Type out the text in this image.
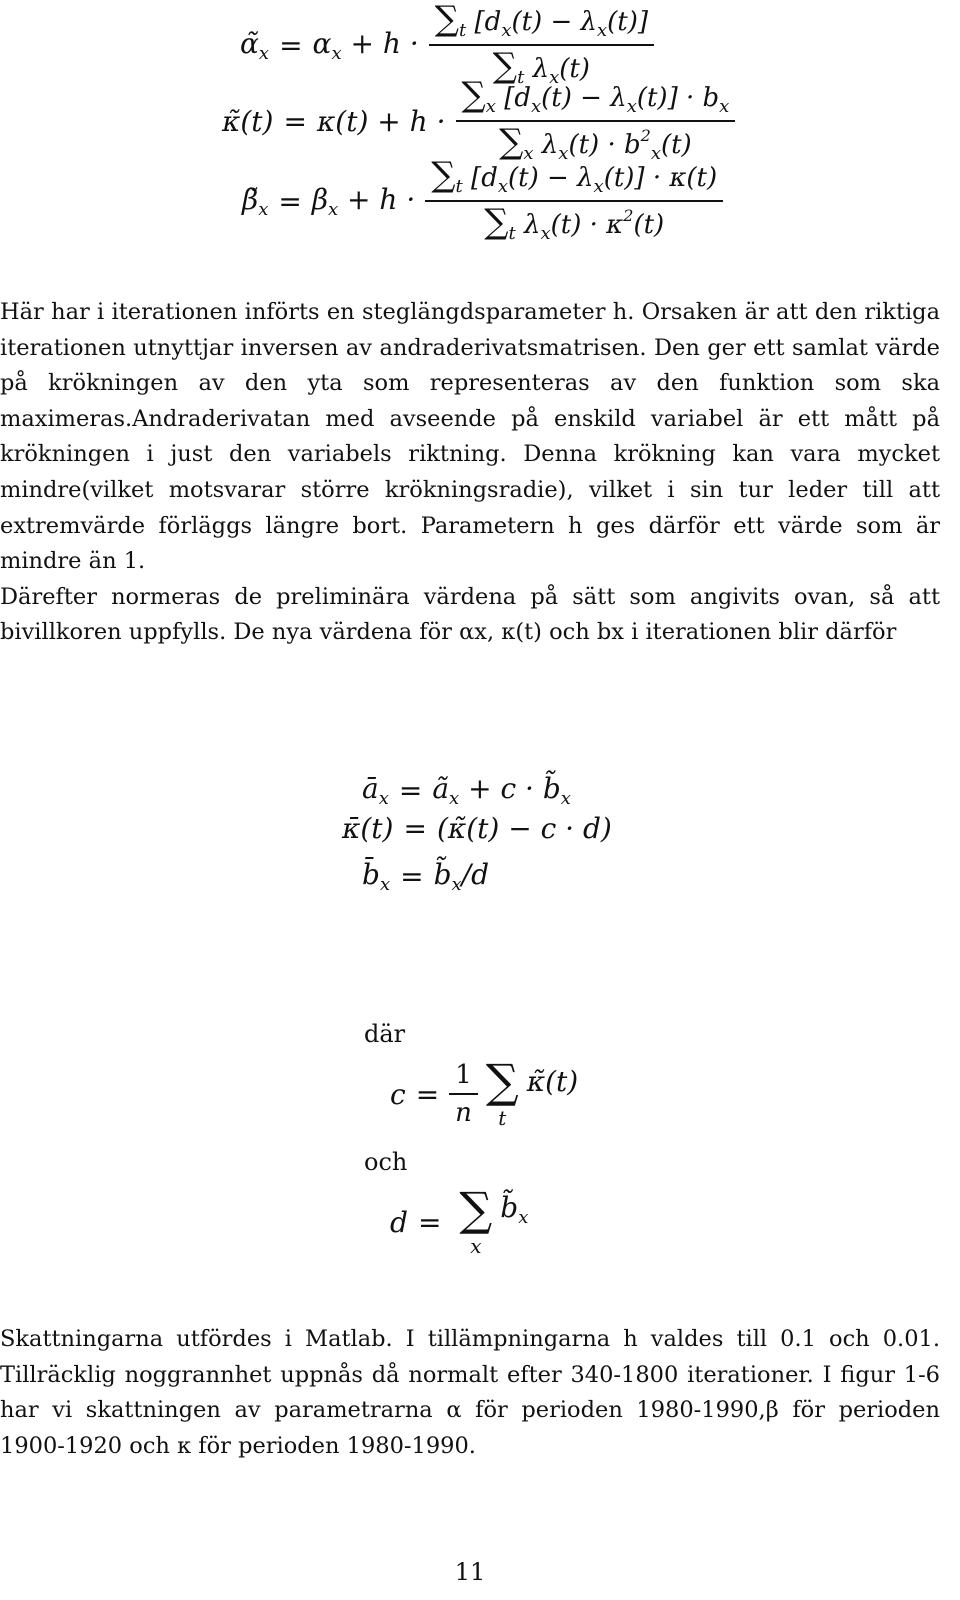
$\alphã_x = \alpha_x + h \cdot \frac{\sum_t [d_x(t) - \lambda_x(t)]}{\sum_t \lambda_x(t)}$
κ̃(t) = $\kappa(t) + h \cdot \frac{\sum_x [d_x(t) - \lambda_x(t)] \cdot b_x}{\sum_x \lambda_x(t) \cdot b^2_x(t)}$
$\betã_x = \beta_x + h \cdot \frac{\sum_t [d_x(t) - \lambda_x(t)] \cdot \kappa(t)}{\sum_t \lambda_x(t) \cdot \kappa^2(t)}$

Här har i iterationen införts en steglängdsparameter h. Orsaken är att den riktiga iterationen utnyttjar inversen av andraderivatsmatrisen. Den ger ett samlat värde på krökningen av den yta som representeras av den funktion som ska maximeras.Andraderivatan med avseende på enskild variabel är ett mått på krökningen i just den variabels riktning. Denna krökning kan vara mycket mindre(vilket motsvarar större krökningsradie), vilket i sin tur leder till att extremvärde förläggs längre bort. Parametern h ges därför ett värde som är mindre än 1.

Därefter normeras de preliminära värdena på sätt som angivits ovan, så att bivillkoren uppfylls. De nya värdena för αx, κ(t) och bx i iterationen blir därför

$ā_x$ = $ã_x + c$ · $b̃_x$
κ̄(t) = (κ̃(t) − c · d)
$b̄_x$ = $b̃_x/d$
där
$c = \frac{1}{n}$ ∑
t
κ̃(t)
och
d = ∑
x
$b̃_x$

Skattningarna utfördes i Matlab. I tillämpningarna h valdes till 0.1 och 0.01. Tillräcklig noggrannhet uppnås då normalt efter 340-1800 iterationer. I figur 1-6 har vi skattningen av parametrarna α för perioden 1980-1990,β för perioden 1900-1920 och κ för perioden 1980-1990.

11
